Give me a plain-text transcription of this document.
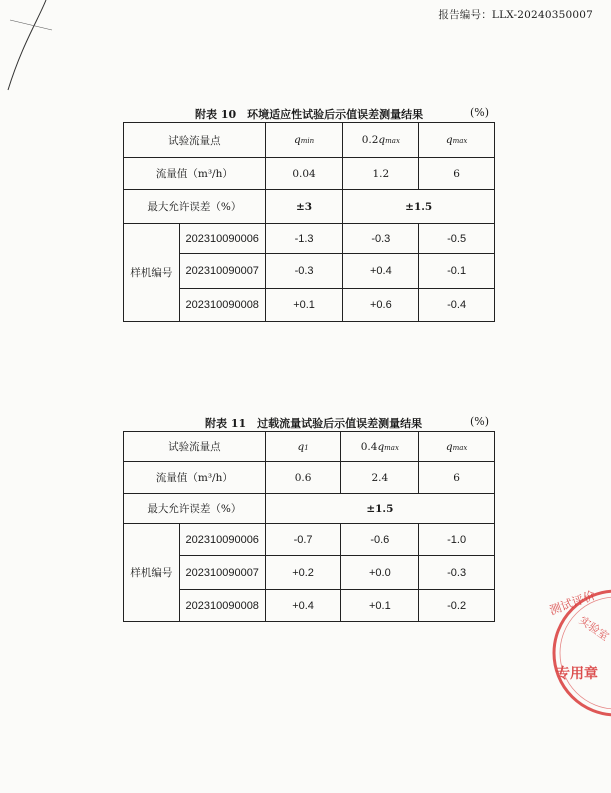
报告编号：LLX-20240350007
附表 10　环境适应性试验后示值误差测量结果	(%)
试验流量点		qmin	0.2qmax	qmax
流量值（m³/h）		0.04	1.2	6
最大允许误差（%）		±3	±1.5	
样机编号	202310090006	-1.3	-0.3	-0.5
	202310090007	-0.3	+0.4	-0.1
	202310090008	+0.1	+0.6	-0.4
附表 11　过载流量试验后示值误差测量结果	(%)
试验流量点		q1	0.4qmax	qmax
流量值（m³/h）		0.6	2.4	6
最大允许误差（%）		±1.5		
样机编号	202310090006	-0.7	-0.6	-1.0
	202310090007	+0.2	+0.0	-0.3
	202310090008	+0.4	+0.1	-0.2	测试评价
实验室
专用章
